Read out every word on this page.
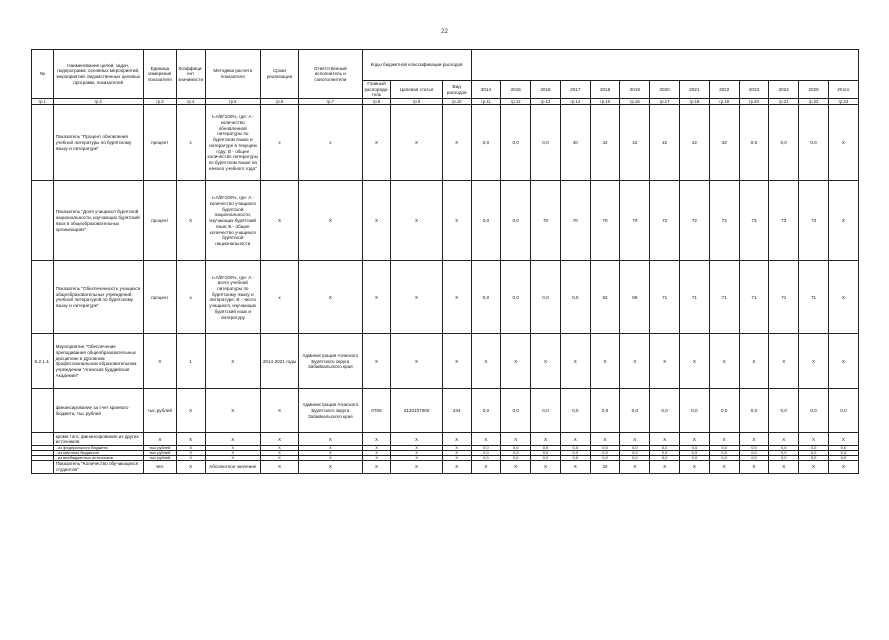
22
№	Наименование целей, задач, подпрограмм, основных мероприятий, мероприятий, ведомственных целевых программ, показателей	Единица измерения показателя	Коэффици- ент значимости	Методика расчета показателя	Сроки реализации	Ответственный исполнитель и соисполнители	Коды бюджетной классификации расходов															
							Главный распоряди- тель	Целевая статья	Вид расходов	2014	2015	2016	2017	2018	2019	2020	2021	2022	2023	2024	2025	Итого
гр.1	гр.2	гр.3	гр.4	гр.5	гр.6	гр.7	гр.8	гр.9	гр.10	гр.11	гр.12	гр.13	гр.14	гр.15	гр.16	гр.17	гр.18	гр.19	гр.20	гр.21	гр.22	гр.23
	Показатель "Процент обновления учебной литературы по бурятскому языку и литературе"	процент	х	I=A/B*100%, где: A - количество обновленной литературы по бурятском языке и литературе в текущем году; B - общее количество литературы по бурятском языке на начало учебного года"	х	х	Х	Х	Х	0,0	0,0	0,0	40	42	42	42	42	43	0,0	0,0	0,0	Х
	Показатель "Доля учащихся бурятской национальности, изучающих бурятский язык в общеобразовательных организациях"	процент	Х	I=A/B*100%, где: A - количество учащихся бурятской национальности, изучающих бурятский язык; B - общее количество учащихся бурятской национальности	Х	Х	Х	Х	Х	0,0	0,0	70	70	70	70	72	72	73	73	73	73	Х
	Показатель "Обеспеченность учащихся общеобразовательных учреждений учебной литературой по бурятскому языку и литературе"	процент	х	I=A/B*100%, где: A - всего учебной литературы по бурятскому языку и литературе; B - число учащихся, изучающих бурятский язык и литературу	х	Х	Х	Х	Х	0,0	0,0	0,0	0,0	62	68	71	71	71	71	71	71	Х
5.2.1.4.	Мероприятие "Обеспечение преподавания общеобразовательных дисциплин в Духовном профессиональном образовательном учреждении "Агинская буддийская Академия"	Х	1	Х	2014-2021 годы	Администрация Агинского Бурятского округа Забайкальского края	Х	Х	Х	Х	Х	Х	Х	Х	Х	Х	Х	Х	Х	Х	Х	Х
	финансирование за счет краевого бюджета, тыс.рублей	тыс.рублей	Х	Х	Х	Администрация Агинского Бурятского округа Забайкальского края	0706	2120107000	244	0,0	0,0	0,0	0,0	0,0	0,0	0,0	0,0	0,0	0,0	0,0	0,0	0,0
	кроме того, финансирование из других источников	Х	Х	Х	Х	Х	Х	Х	Х	Х	Х	Х	Х	Х	Х	Х	Х	Х	Х	Х	Х	Х
	- из федерального бюджета	тыс.рублей	Х	Х	Х	Х	Х	Х	Х	0,0	0,0	0,0	0,0	0,0	0,0	0,0	0,0	0,0	0,0	0,0	0,0	0,0
	- из местных бюджетов	тыс.рублей	Х	Х	Х	Х	Х	Х	Х	0,0	0,0	0,0	0,0	0,0	0,0	0,0	0,0	0,0	0,0	0,0	0,0	0,0
	- из внебюджетных источников	тыс.рублей	Х	Х	Х	Х	Х	Х	Х	0,0	0,0	0,0	0,0	0,0	0,0	0,0	0,0	0,0	0,0	0,0	0,0	0,0
	Показатель "Количество обучающихся студентов"	чел.	Х	Абсолютное значение	Х	Х	Х	Х	Х	Х	Х	Х	Х	32	Х	Х	Х	Х	Х	Х	Х	Х
